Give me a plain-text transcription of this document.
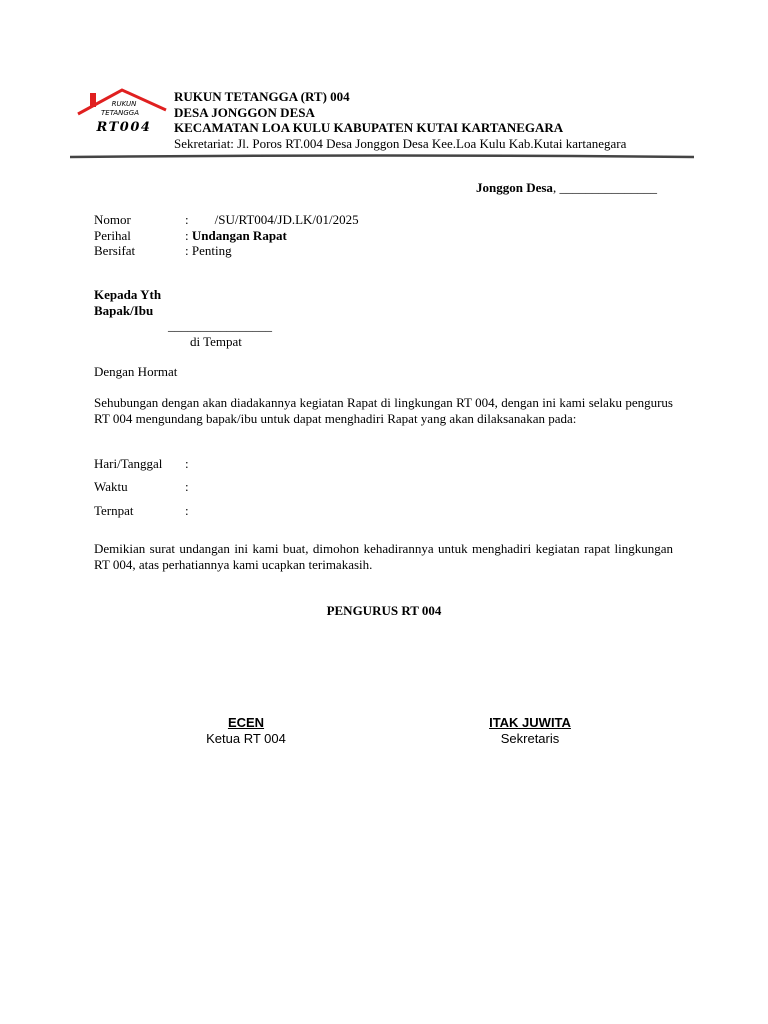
RUKUN
TETANGGA
RT004
RUKUN TETANGGA (RT) 004
DESA JONGGON DESA
KECAMATAN LOA KULU KABUPATEN KUTAI KARTANEGARA
Sekretariat: Jl. Poros RT.004 Desa Jonggon Desa Kee.Loa Kulu Kab.Kutai kartanegara
Jonggon Desa, _______________
Nomor	:        /SU/RT004/JD.LK/01/2025
Perihal	: Undangan Rapat
Bersifat	: Penting
Kepada Yth
Bapak/Ibu
________________
di Tempat
Dengan Hormat
Sehubungan dengan akan diadakannya kegiatan Rapat di lingkungan RT 004, dengan ini kami selaku pengurus RT 004 mengundang bapak/ibu untuk dapat menghadiri Rapat yang akan dilaksanakan pada:
Hari/Tanggal :
Waktu	:
Ternpat	:
Demikian surat undangan ini kami buat, dimohon kehadirannya untuk menghadiri kegiatan rapat lingkungan RT 004, atas perhatiannya kami ucapkan terimakasih.
PENGURUS RT 004
ECEN
Ketua RT 004
ITAK JUWITA
Sekretaris
